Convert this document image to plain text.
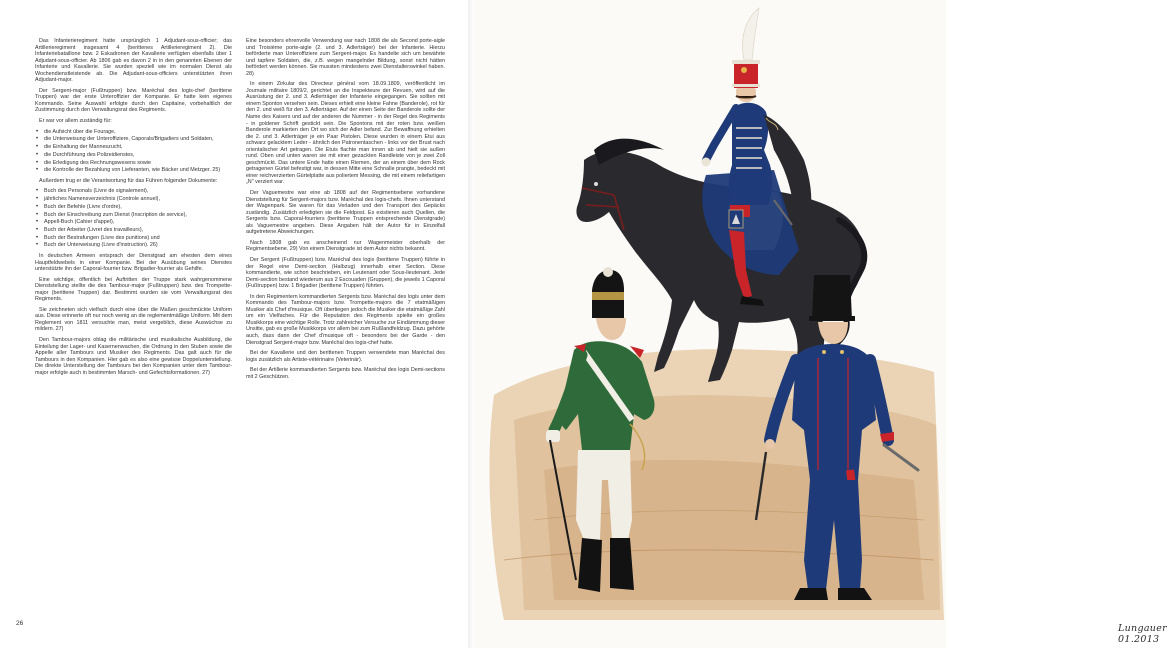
Das Infanterieregiment hatte ursprünglich 1 Adjudant-sous-officier; das Artillerieregiment insgesamt 4 (berittenes Artillerieregiment 2). Die Infanteriebataillone bzw. 2 Eskadronen der Kavallerie verfügten ebenfalls über 1 Adjudant-sous-officier. Ab 1806 gab es davon 2 in in den genannten Ebenen der Infanterie und Kavallerie. Sie wurden speziell wie im normalen Dienst als Wochendienstleistende ab. Die Adjudant-sous-officiers unterstützten ihren Adjudant-major.

Der Sergent-major (Fußtruppen) bzw. Maréchal des logis-chef (berittene Truppen) war der erste Unteroffizier der Kompanie. Er hatte kein eigenes Kommando. Seine Auswahl erfolgte durch den Capitaine, vorbehaltlich der Zustimmung durch den Verwaltungsrat des Regiments.

Er war vor allem zuständig für:

• die Aufsicht über die Fourage,
• die Unterweisung der Unteroffiziere, Caporals/Brigadiers und Soldaten,
• die Einhaltung der Manneszucht,
• die Durchführung des Polizeidienstes,
• die Erledigung des Rechnungswesens sowie
• die Kontrolle der Bezahlung von Lieferanten, wie Bäcker und Metzger. 25)

Außerdem trug er die Verantwortung für das Führen folgender Dokumente:

• Buch des Personals (Livre de signalement),
• jährliches Namensverzeichnis (Controle annuel),
• Buch der Befehle (Livre d'ordre),
• Buch der Einschreibung zum Dienst (Inscription de service),
• Appell-Buch (Cahier d'appel),
• Buch der Arbeiter (Livret des travailleurs),
• Buch der Bestrafungen (Livre des punitions) und
• Buch der Unterweisung (Livre d'instruction). 26)

In deutschen Armeen entsprach der Dienstgrad am ehesten dem eines Hauptfeldwebels in einer Kompanie. Bei der Ausübung seines Dienstes unterstützte ihn der Caporal-fourrier bzw. Brigadier-fourrier als Gehilfe.

Eine wichtige, öffentlich bei Auftritten der Truppe stark wahrgenommene Dienststellung stellte die des Tambour-major (Fußtruppen) bzw. des Trompette-major (berittene Truppen) dar. Bestimmt wurden sie vom Verwaltungsrat des Regiments.

Sie zeichneten sich vielfach durch eine über die Maßen geschmückte Uniform aus. Diese erinnerte oft nur noch wenig an die reglementmäßige Uniform. Mit dem Reglement von 1811 versuchte man, meist vergeblich, diese Auswüchse zu mildern. 27)

Den Tambour-majors oblag die militärische und musikalische Ausbildung, die Einteilung der Lager- und Kasernenwachen, die Ordnung in den Stuben sowie die Appelle aller Tambours und Musiker des Regiments. Das galt auch für die Tambours in den Kompanien. Hier gab es also eine gewisse Doppelunterstellung. Die direkte Unterstellung der Tambours bei den Kompanien unter dem Tambour-major erfolgte auch in bestimmten Marsch- und Gefechtsformationen. 27)

Eine besonders ehrenvolle Verwendung war nach 1808 die als Second porte-aigle und Troisième porte-aigle (2. und 3. Adlerträger) bei der Infanterie. Hierzu beförderte man Unteroffiziere zum Sergent-major. Es handelte sich um bewährte und tapfere Soldaten, die, z.B. wegen mangelnder Bildung, sonst nicht hätten befördert werden können. Sie mussten mindestens zwei Dienstalterswinkel haben. 28)

In einem Zirkular des Directeur général vom 18.09.1809, veröffentlicht im Journale militaire 1809/2, gerichtet an die Inspekteure der Revuen, wird auf die Ausrüstung der 2. und 3. Adlerträger der Infanterie eingegangen. Sie sollten mit einem Sponton versehen sein. Dieses erhielt eine kleine Fahne (Banderole), rot für den 2. und weiß für den 3. Adlerträger. Auf der einen Seite der Banderole sollte der Name des Kaisers und auf der anderen die Nummer - in der Regel des Regiments - in goldener Schrift gestickt sein. Die Spontons mit der roten bzw. weißen Banderole markierten den Ort wo sich der Adler befand. Zur Bewaffnung erhielten die 2. und 3. Adlerträger je ein Paar Pistolen. Diese wurden in einem Etui aus schwarz gelacktem Leder - ähnlich den Patronentaschen - links vor der Brust nach orientalischer Art getragen. Die Etuis flachte man innen ab und hielt sie außen rund. Oben und unten waren sie mit einer gezackten Randleiste von je zwei Zoll geschmückt. Das untere Ende hatte einen Riemen, der an einem über dem Rock getragenen Gürtel befestigt war, in dessen Mitte eine Schnalle prangte, bedeckt mit einer reichverzierten Gürtelplatte aus poliertem Messing, die mit einem reliefartigen „N" verziert war.

Der Vaguemestre war eine ab 1808 auf der Regimentsebene vorhandene Dienststellung für Sergent-majors bzw. Maréchal des logis-chefs. Ihnen unterstand der Wagenpark. Sie waren für das Verladen und den Transport des Gepäcks zuständig. Zusätzlich erledigten sie die Feldpost. Es existieren auch Quellen, die Sergents bzw. Caporal-fourriers (berittene Truppen entsprechende Dienstgrade) als Vaguemestre angeben. Diese Angaben hält der Autor für in Einzelfall aufgetretene Abweichungen.

Nach 1808 gab es anscheinend nur Wagenmeister oberhalb der Regimentsebene. 29) Von einem Dienstgrade ist dem Autor nichts bekannt.

Der Sergent (Fußtruppen) bzw. Maréchal des logis (berittene Truppen) führte in der Regel eine Demi-section (Halbzug) innerhalb einer Section. Diese kommandierte, wie schon beschrieben, ein Leutenant oder Sous-lieutenant. Jede Demi-section bestand wiederum aus 2 Escouaden (Gruppen), die jeweils 1 Caporal (Fußtruppen) bzw. 1 Brigadier (berittene Truppen) führten.

In den Regimentern kommandierten Sergents bzw. Maréchal des logis unter dem Kommando des Tambour-majors bzw. Trompette-majors die 7 etatmäßigen Musiker als Chef d'musique. Oft übertiegen jedoch die Musiker die etatmäßige Zahl um ein Vielfaches. Für die Reputation des Regiments spielte ein großes Musikkorps eine wichtige Rolle. Trotz zahlreicher Versuche zur Eindämmung dieser Unsitte, gab es große Musikkorps vor allem bei zum Rußlandfeldzug. Dazu gehörte auch, dass dann der Chef d'musique oft - besonders bei der Garde - den Dienstgrad Sergent-major bzw. Maréchal des logis-chef hatte.

Bei der Kavallerie und den berittenen Truppen verwendete man Maréchal des logis zusätzlich als Artiste-vétérinaire (Veterinär).

Bei der Artillerie kommandierten Sergents bzw. Maréchal des logis Demi-sections mit 2 Geschützen.

26	Lungauer 01.2013
